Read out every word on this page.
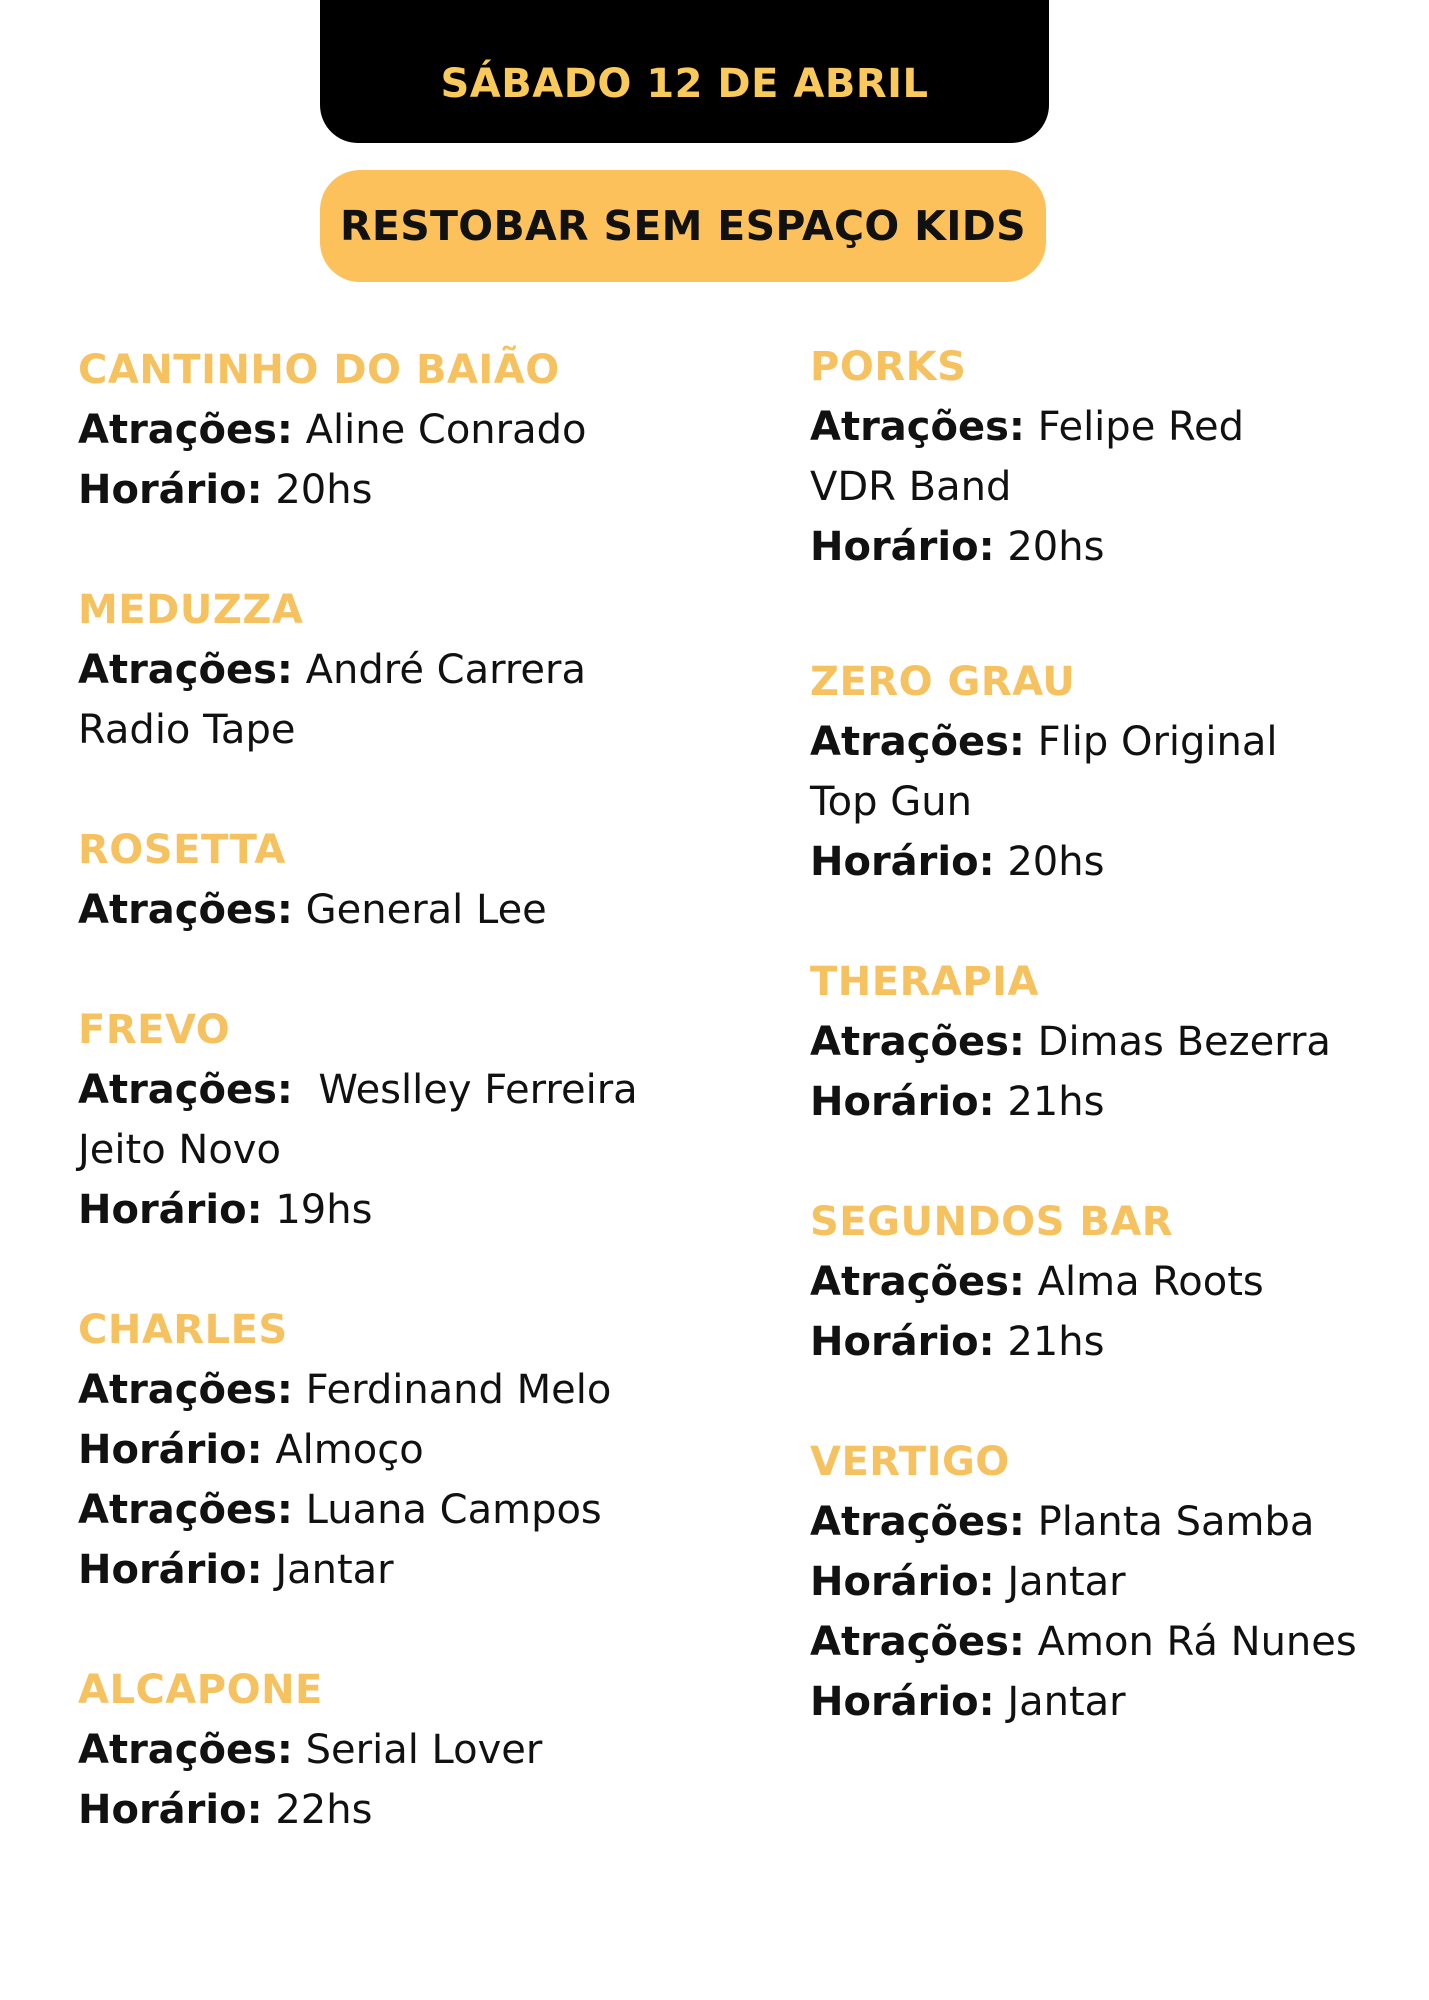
SÁBADO 12 DE ABRIL
RESTOBAR SEM ESPAÇO KIDS
CANTINHO DO BAIÃO
Atrações: Aline Conrado
Horário: 20hs
MEDUZZA
Atrações: André Carrera
Radio Tape
ROSETTA
Atrações: General Lee
FREVO
Atrações:  Weslley Ferreira
Jeito Novo
Horário: 19hs
CHARLES
Atrações: Ferdinand Melo
Horário: Almoço
Atrações: Luana Campos
Horário: Jantar
ALCAPONE
Atrações: Serial Lover
Horário: 22hs
PORKS
Atrações: Felipe Red
VDR Band
Horário: 20hs
ZERO GRAU
Atrações: Flip Original
Top Gun
Horário: 20hs
THERAPIA
Atrações: Dimas Bezerra
Horário: 21hs
SEGUNDOS BAR
Atrações: Alma Roots
Horário: 21hs
VERTIGO
Atrações: Planta Samba
Horário: Jantar
Atrações: Amon Rá Nunes
Horário: Jantar
